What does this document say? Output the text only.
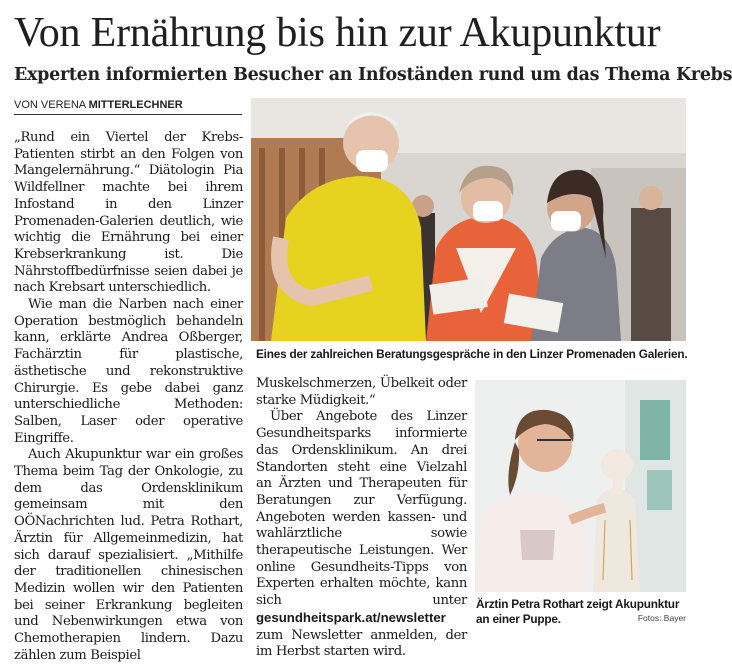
Von Ernährung bis hin zur Akupunktur
Experten informierten Besucher an Infoständen rund um das Thema Krebs
VON VERENA MITTERLECHNER

„Rund ein Viertel der Krebs-Patienten stirbt an den Folgen von Mangelernährung.“ Diätologin Pia Wildfellner machte bei ihrem Infostand in den Linzer Promenaden-Galerien deutlich, wie wichtig die Ernährung bei einer Krebserkrankung ist. Die Nährstoffbedürfnisse seien dabei je nach Krebsart unterschiedlich.

Wie man die Narben nach einer Operation bestmöglich behandeln kann, erklärte Andrea Oßberger, Fachärztin für plastische, ästhetische und rekonstruktive Chirurgie. Es gebe dabei ganz unterschiedliche Methoden: Salben, Laser oder operative Eingriffe.

Auch Akupunktur war ein großes Thema beim Tag der Onkologie, zu dem das Ordensklinikum gemeinsam mit den OÖNachrichten lud. Petra Rothart, Ärztin für Allgemeinmedizin, hat sich darauf spezialisiert. „Mithilfe der traditionellen chinesischen Medizin wollen wir den Patienten bei seiner Erkrankung begleiten und Nebenwirkungen etwa von Chemotherapien lindern. Dazu zählen zum Beispiel

Eines der zahlreichen Beratungsgespräche in den Linzer Promenaden Galerien.

Muskelschmerzen, Übelkeit oder starke Müdigkeit.“

Über Angebote des Linzer Gesundheitsparks informierte das Ordensklinikum. An drei Standorten steht eine Vielzahl an Ärzten und Therapeuten für Beratungen zur Verfügung. Angeboten werden kassen- und wahlärztliche sowie therapeutische Leistungen. Wer online Gesundheits-Tipps von Experten erhalten möchte, kann sich unter gesundheitspark.at/newsletter zum Newsletter anmelden, der im Herbst starten wird.

Ärztin Petra Rothart zeigt Akupunktur an einer Puppe.	Fotos: Bayer
